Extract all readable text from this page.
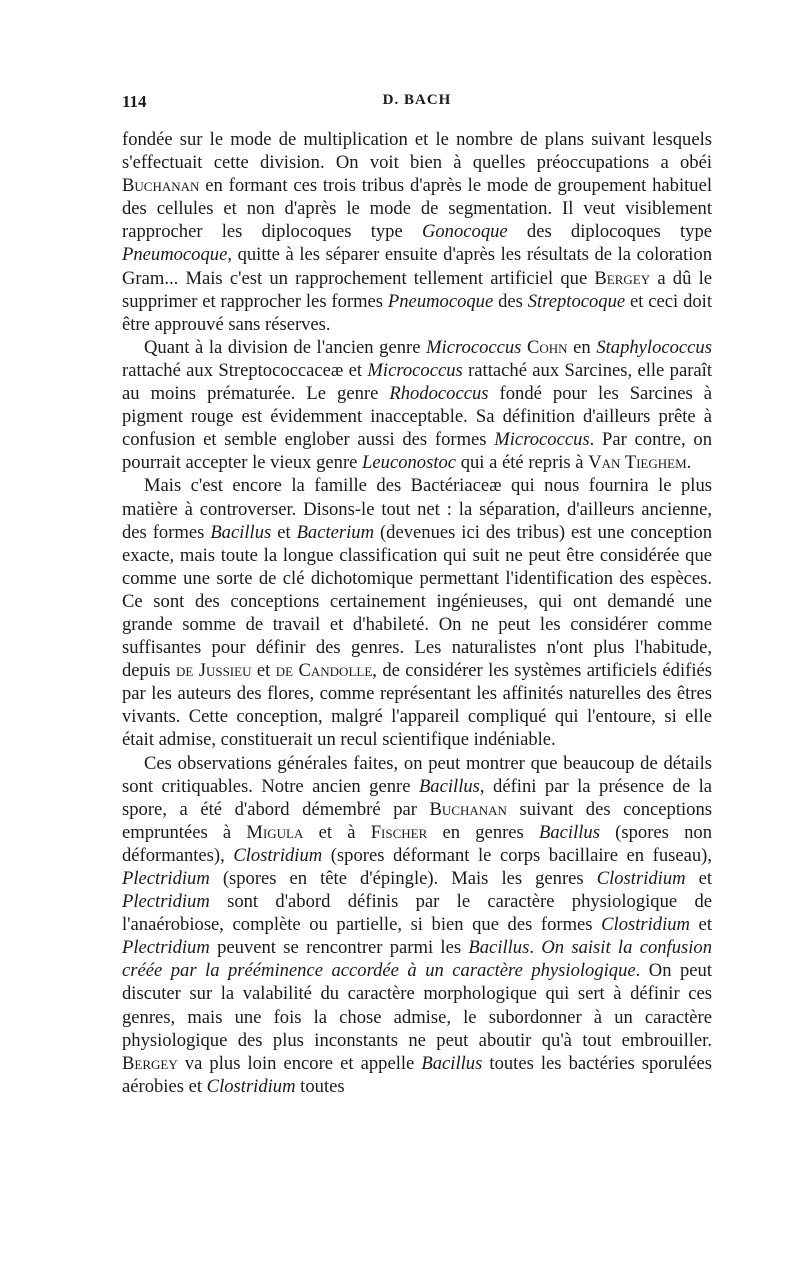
114	D. BACH

fondée sur le mode de multiplication et le nombre de plans suivant lesquels s'effectuait cette division. On voit bien à quelles préoccupations a obéi Buchanan en formant ces trois tribus d'après le mode de groupement habituel des cellules et non d'après le mode de segmentation. Il veut visiblement rapprocher les diplocoques type Gonocoque des diplocoques type Pneumocoque, quitte à les séparer ensuite d'après les résultats de la coloration Gram... Mais c'est un rapprochement tellement artificiel que Bergey a dû le supprimer et rapprocher les formes Pneumocoque des Streptocoque et ceci doit être approuvé sans réserves.

Quant à la division de l'ancien genre Micrococcus Cohn en Staphylococcus rattaché aux Streptococcaceæ et Micrococcus rattaché aux Sarcines, elle paraît au moins prématurée. Le genre Rhodococcus fondé pour les Sarcines à pigment rouge est évidemment inacceptable. Sa définition d'ailleurs prête à confusion et semble englober aussi des formes Micrococcus. Par contre, on pourrait accepter le vieux genre Leuconostoc qui a été repris à Van Tieghem.

Mais c'est encore la famille des Bactériaceæ qui nous fournira le plus matière à controverser. Disons-le tout net : la séparation, d'ailleurs ancienne, des formes Bacillus et Bacterium (devenues ici des tribus) est une conception exacte, mais toute la longue classification qui suit ne peut être considérée que comme une sorte de clé dichotomique permettant l'identification des espèces. Ce sont des conceptions certainement ingénieuses, qui ont demandé une grande somme de travail et d'habileté. On ne peut les considérer comme suffisantes pour définir des genres. Les naturalistes n'ont plus l'habitude, depuis de Jussieu et de Candolle, de considérer les systèmes artificiels édifiés par les auteurs des flores, comme représentant les affinités naturelles des êtres vivants. Cette conception, malgré l'appareil compliqué qui l'entoure, si elle était admise, constituerait un recul scientifique indéniable.

Ces observations générales faites, on peut montrer que beaucoup de détails sont critiquables. Notre ancien genre Bacillus, défini par la présence de la spore, a été d'abord démembré par Buchanan suivant des conceptions empruntées à Migula et à Fischer en genres Bacillus (spores non déformantes), Clostridium (spores déformant le corps bacillaire en fuseau), Plectridium (spores en tête d'épingle). Mais les genres Clostridium et Plectridium sont d'abord définis par le caractère physiologique de l'anaérobiose, complète ou partielle, si bien que des formes Clostridium et Plectridium peuvent se rencontrer parmi les Bacillus. On saisit la confusion créée par la prééminence accordée à un caractère physiologique. On peut discuter sur la valabilité du caractère morphologique qui sert à définir ces genres, mais une fois la chose admise, le subordonner à un caractère physiologique des plus inconstants ne peut aboutir qu'à tout embrouiller. Bergey va plus loin encore et appelle Bacillus toutes les bactéries sporulées aérobies et Clostridium toutes
